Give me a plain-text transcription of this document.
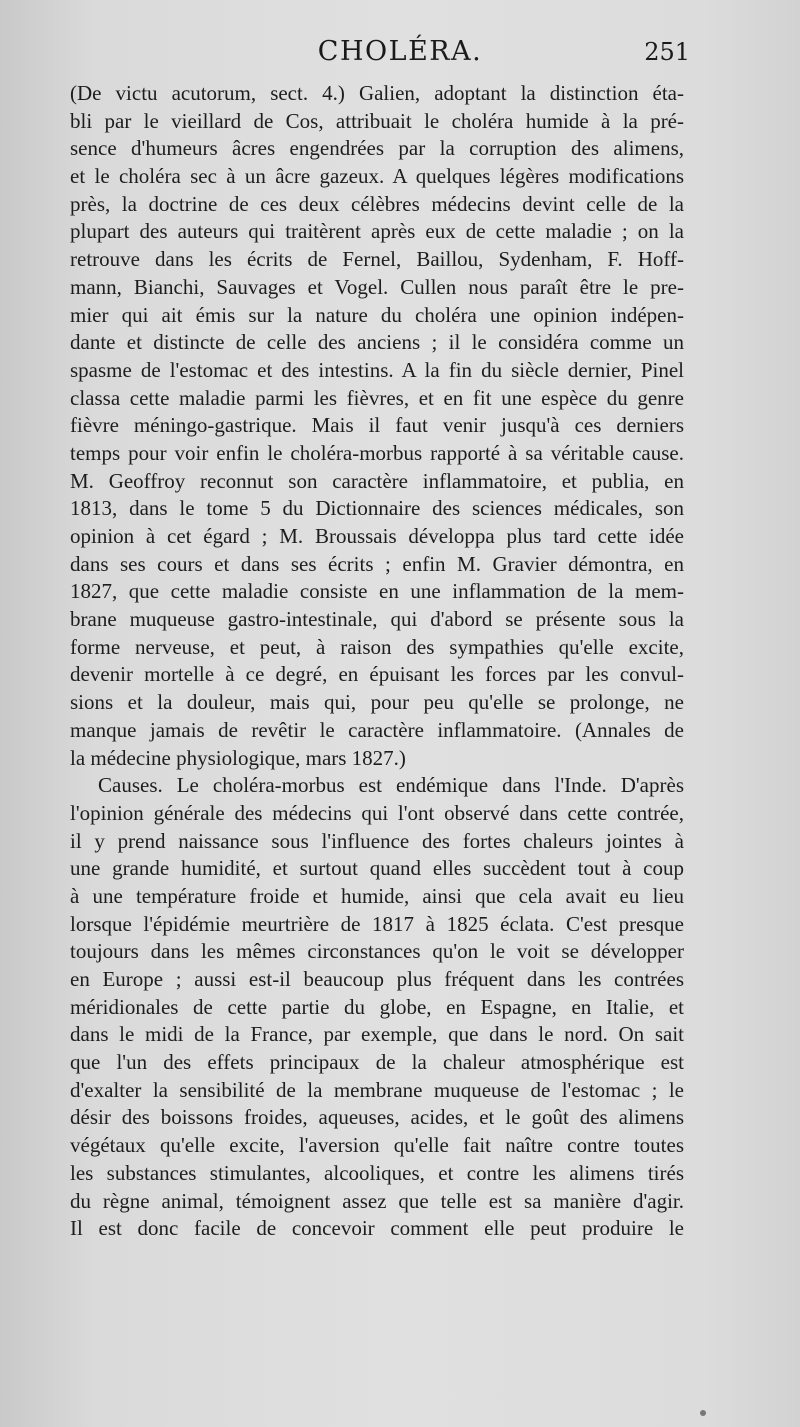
CHOLÉRA.	251
(De victu acutorum, sect. 4.) Galien, adoptant la distinction éta-
bli par le vieillard de Cos, attribuait le choléra humide à la pré-
sence d'humeurs âcres engendrées par la corruption des alimens,
et le choléra sec à un âcre gazeux. A quelques légères modifications
près, la doctrine de ces deux célèbres médecins devint celle de la
plupart des auteurs qui traitèrent après eux de cette maladie ; on la
retrouve dans les écrits de Fernel, Baillou, Sydenham, F. Hoff-
mann, Bianchi, Sauvages et Vogel. Cullen nous paraît être le pre-
mier qui ait émis sur la nature du choléra une opinion indépen-
dante et distincte de celle des anciens ; il le considéra comme un
spasme de l'estomac et des intestins. A la fin du siècle dernier, Pinel
classa cette maladie parmi les fièvres, et en fit une espèce du genre
fièvre méningo-gastrique. Mais il faut venir jusqu'à ces derniers
temps pour voir enfin le choléra-morbus rapporté à sa véritable cause.
M. Geoffroy reconnut son caractère inflammatoire, et publia, en
1813, dans le tome 5 du Dictionnaire des sciences médicales, son
opinion à cet égard ; M. Broussais développa plus tard cette idée
dans ses cours et dans ses écrits ; enfin M. Gravier démontra, en
1827, que cette maladie consiste en une inflammation de la mem-
brane muqueuse gastro-intestinale, qui d'abord se présente sous la
forme nerveuse, et peut, à raison des sympathies qu'elle excite,
devenir mortelle à ce degré, en épuisant les forces par les convul-
sions et la douleur, mais qui, pour peu qu'elle se prolonge, ne
manque jamais de revêtir le caractère inflammatoire. (Annales de
la médecine physiologique, mars 1827.)
Causes. Le choléra-morbus est endémique dans l'Inde. D'après
l'opinion générale des médecins qui l'ont observé dans cette contrée,
il y prend naissance sous l'influence des fortes chaleurs jointes à
une grande humidité, et surtout quand elles succèdent tout à coup
à une température froide et humide, ainsi que cela avait eu lieu
lorsque l'épidémie meurtrière de 1817 à 1825 éclata. C'est presque
toujours dans les mêmes circonstances qu'on le voit se développer
en Europe ; aussi est-il beaucoup plus fréquent dans les contrées
méridionales de cette partie du globe, en Espagne, en Italie, et
dans le midi de la France, par exemple, que dans le nord. On sait
que l'un des effets principaux de la chaleur atmosphérique est
d'exalter la sensibilité de la membrane muqueuse de l'estomac ; le
désir des boissons froides, aqueuses, acides, et le goût des alimens
végétaux qu'elle excite, l'aversion qu'elle fait naître contre toutes
les substances stimulantes, alcooliques, et contre les alimens tirés
du règne animal, témoignent assez que telle est sa manière d'agir.
Il est donc facile de concevoir comment elle peut produire le
